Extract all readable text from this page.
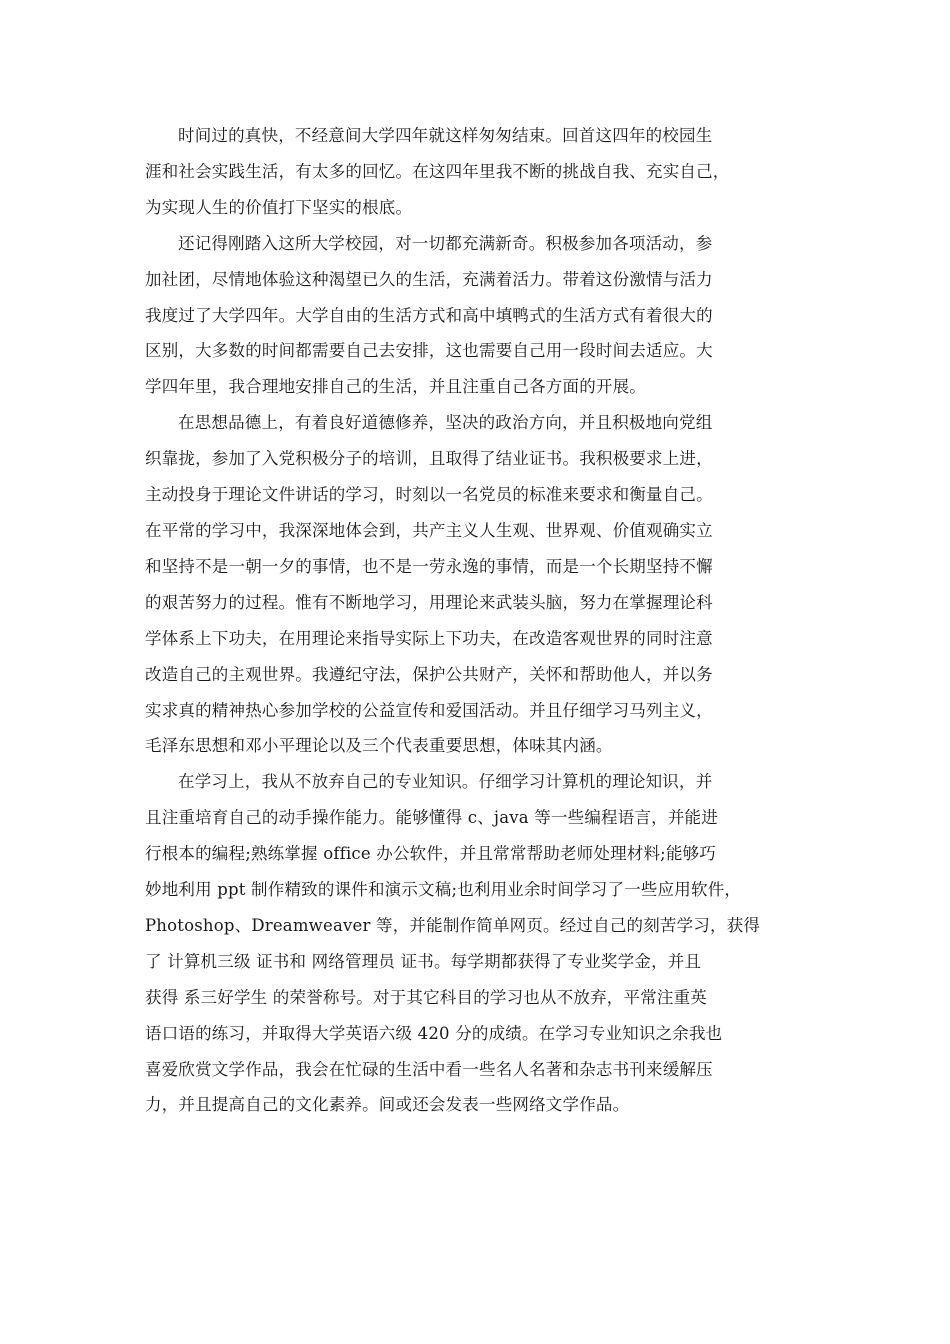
时间过的真快，不经意间大学四年就这样匆匆结束。回首这四年的校园生
涯和社会实践生活，有太多的回忆。在这四年里我不断的挑战自我、充实自己，
为实现人生的价值打下坚实的根底。

还记得刚踏入这所大学校园，对一切都充满新奇。积极参加各项活动，参
加社团，尽情地体验这种渴望已久的生活，充满着活力。带着这份激情与活力
我度过了大学四年。大学自由的生活方式和高中填鸭式的生活方式有着很大的
区别，大多数的时间都需要自己去安排，这也需要自己用一段时间去适应。大
学四年里，我合理地安排自己的生活，并且注重自己各方面的开展。

在思想品德上，有着良好道德修养，坚决的政治方向，并且积极地向党组
织靠拢，参加了入党积极分子的培训，且取得了结业证书。我积极要求上进，
主动投身于理论文件讲话的学习，时刻以一名党员的标准来要求和衡量自己。
在平常的学习中，我深深地体会到，共产主义人生观、世界观、价值观确实立
和坚持不是一朝一夕的事情，也不是一劳永逸的事情，而是一个长期坚持不懈
的艰苦努力的过程。惟有不断地学习，用理论来武装头脑，努力在掌握理论科
学体系上下功夫，在用理论来指导实际上下功夫，在改造客观世界的同时注意
改造自己的主观世界。我遵纪守法，保护公共财产，关怀和帮助他人，并以务
实求真的精神热心参加学校的公益宣传和爱国活动。并且仔细学习马列主义，
毛泽东思想和邓小平理论以及三个代表重要思想，体味其内涵。

在学习上，我从不放弃自己的专业知识。仔细学习计算机的理论知识，并
且注重培育自己的动手操作能力。能够懂得 c、java 等一些编程语言，并能进
行根本的编程;熟练掌握 office 办公软件，并且常常帮助老师处理材料;能够巧
妙地利用 ppt 制作精致的课件和演示文稿;也利用业余时间学习了一些应用软件，
Photoshop、Dreamweaver 等，并能制作简单网页。经过自己的刻苦学习，获得
了 计算机三级 证书和 网络管理员 证书。每学期都获得了专业奖学金，并且
获得 系三好学生 的荣誉称号。对于其它科目的学习也从不放弃，平常注重英
语口语的练习，并取得大学英语六级 420 分的成绩。在学习专业知识之余我也
喜爱欣赏文学作品，我会在忙碌的生活中看一些名人名著和杂志书刊来缓解压
力，并且提高自己的文化素养。间或还会发表一些网络文学作品。
